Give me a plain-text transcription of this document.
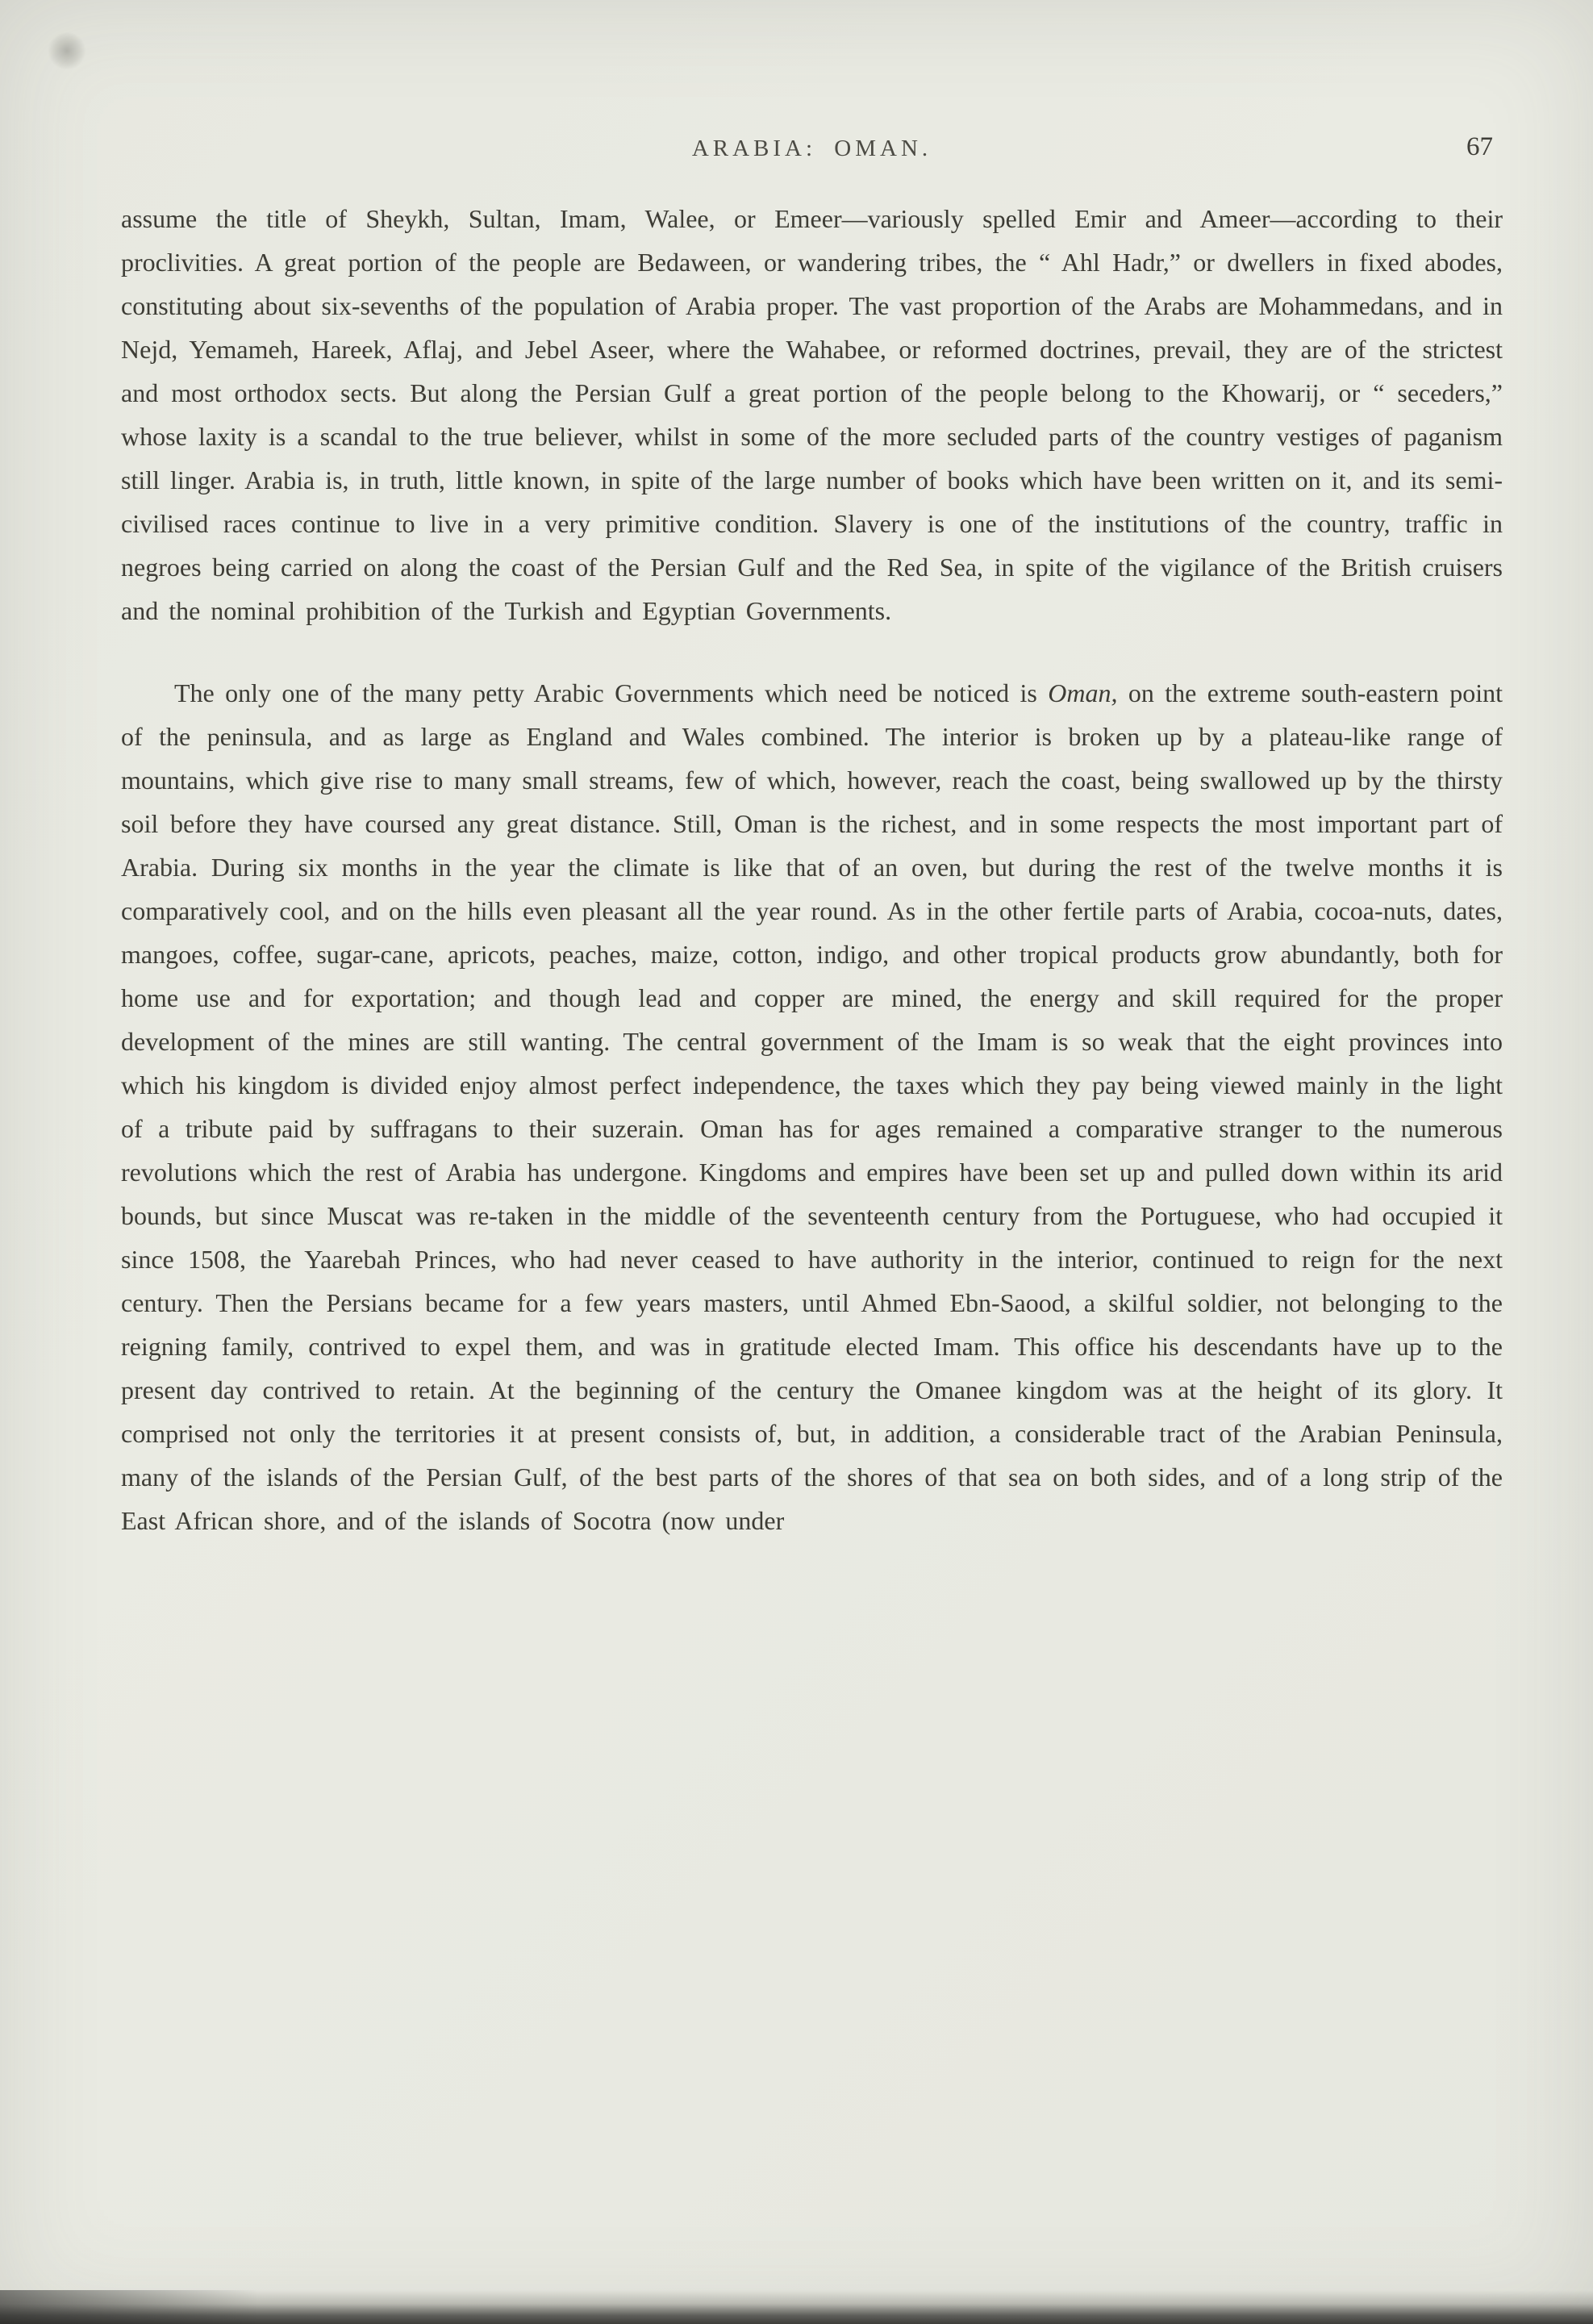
ARABIA: OMAN.	67

assume the title of Sheykh, Sultan, Imam, Walee, or Emeer—variously spelled Emir and Ameer—according to their proclivities. A great portion of the people are Bedaween, or wandering tribes, the “ Ahl Hadr,” or dwellers in fixed abodes, constituting about six-sevenths of the population of Arabia proper. The vast proportion of the Arabs are Mohammedans, and in Nejd, Yemameh, Hareek, Aflaj, and Jebel Aseer, where the Wahabee, or reformed doctrines, prevail, they are of the strictest and most orthodox sects. But along the Persian Gulf a great portion of the people belong to the Khowarij, or “ seceders,” whose laxity is a scandal to the true believer, whilst in some of the more secluded parts of the country vestiges of paganism still linger. Arabia is, in truth, little known, in spite of the large number of books which have been written on it, and its semi-civilised races continue to live in a very primitive condition. Slavery is one of the institutions of the country, traffic in negroes being carried on along the coast of the Persian Gulf and the Red Sea, in spite of the vigilance of the British cruisers and the nominal prohibition of the Turkish and Egyptian Governments.

The only one of the many petty Arabic Governments which need be noticed is Oman, on the extreme south-eastern point of the peninsula, and as large as England and Wales combined. The interior is broken up by a plateau-like range of mountains, which give rise to many small streams, few of which, however, reach the coast, being swallowed up by the thirsty soil before they have coursed any great distance. Still, Oman is the richest, and in some respects the most important part of Arabia. During six months in the year the climate is like that of an oven, but during the rest of the twelve months it is comparatively cool, and on the hills even pleasant all the year round. As in the other fertile parts of Arabia, cocoa-nuts, dates, mangoes, coffee, sugar-cane, apricots, peaches, maize, cotton, indigo, and other tropical products grow abundantly, both for home use and for exportation; and though lead and copper are mined, the energy and skill required for the proper development of the mines are still wanting. The central government of the Imam is so weak that the eight provinces into which his kingdom is divided enjoy almost perfect independence, the taxes which they pay being viewed mainly in the light of a tribute paid by suffragans to their suzerain. Oman has for ages remained a comparative stranger to the numerous revolutions which the rest of Arabia has undergone. Kingdoms and empires have been set up and pulled down within its arid bounds, but since Muscat was re-taken in the middle of the seventeenth century from the Portuguese, who had occupied it since 1508, the Yaarebah Princes, who had never ceased to have authority in the interior, continued to reign for the next century. Then the Persians became for a few years masters, until Ahmed Ebn-Saood, a skilful soldier, not belonging to the reigning family, contrived to expel them, and was in gratitude elected Imam. This office his descendants have up to the present day contrived to retain. At the beginning of the century the Omanee kingdom was at the height of its glory. It comprised not only the territories it at present consists of, but, in addition, a considerable tract of the Arabian Peninsula, many of the islands of the Persian Gulf, of the best parts of the shores of that sea on both sides, and of a long strip of the East African shore, and of the islands of Socotra (now under
